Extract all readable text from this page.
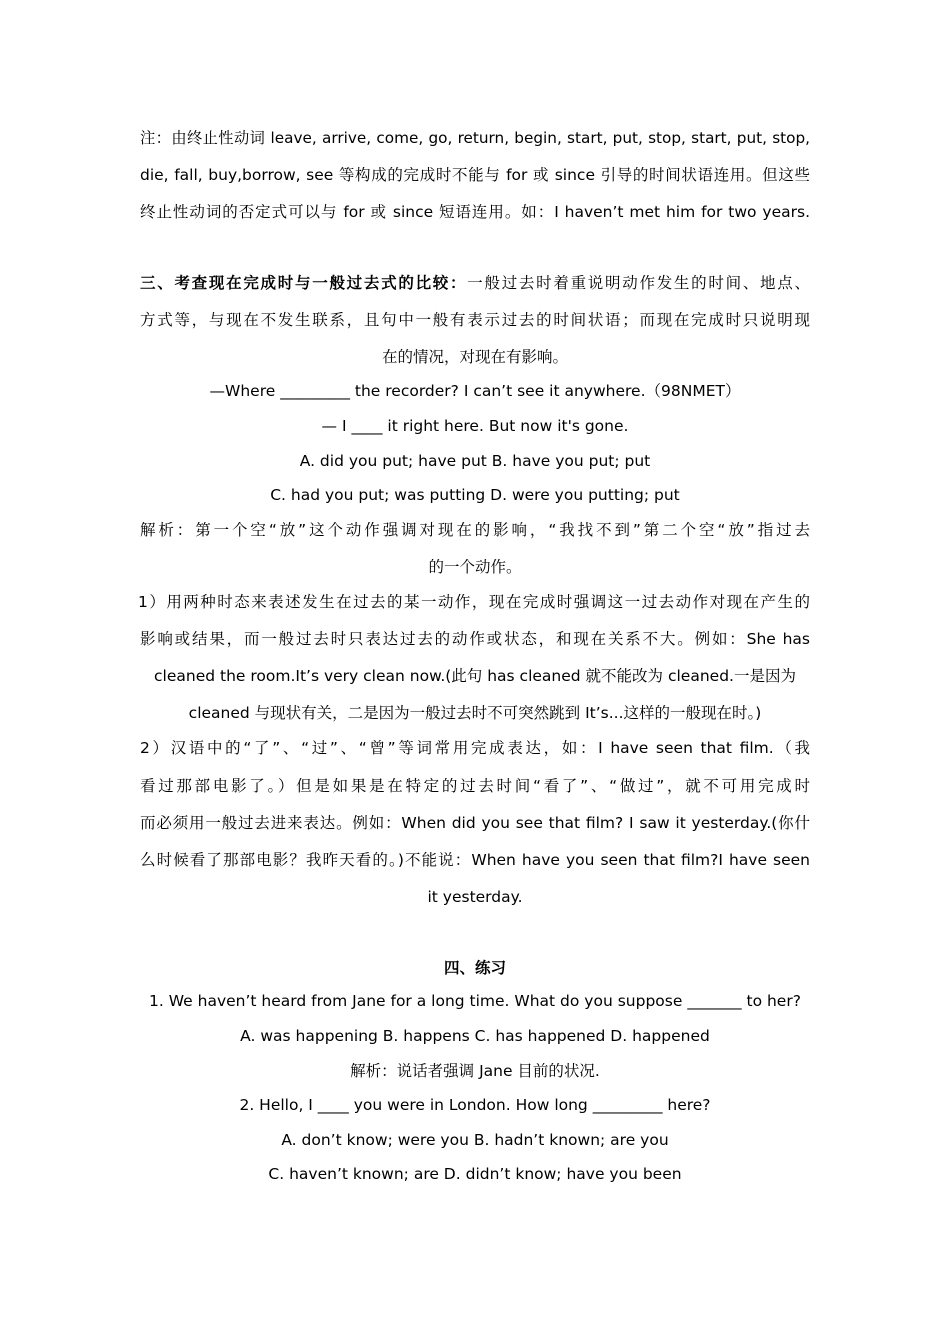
注：由终止性动词 leave, arrive, come, go, return, begin, start, put, stop, start, put, stop,
die, fall, buy,borrow, see 等构成的完成时不能与 for 或 since 引导的时间状语连用。但这些
终止性动词的否定式可以与 for 或 since 短语连用。如：I haven’t met him for two years.
三、考查现在完成时与一般过去式的比较：一般过去时着重说明动作发生的时间、地点、
方式等，与现在不发生联系，且句中一般有表示过去的时间状语；而现在完成时只说明现
在的情况，对现在有影响。
—Where _________ the recorder? I can’t see it anywhere.（98NMET）
— I ____ it right here. But now it's gone.
A. did you put; have put B. have you put; put
C. had you put; was putting D. were you putting; put
解析：第一个空“放”这个动作强调对现在的影响，“我找不到”第二个空“放”指过去
的一个动作。
1）用两种时态来表述发生在过去的某一动作，现在完成时强调这一过去动作对现在产生的
影响或结果，而一般过去时只表达过去的动作或状态，和现在关系不大。例如：She has
cleaned the room.It’s very clean now.(此句 has cleaned 就不能改为 cleaned.一是因为
cleaned 与现状有关，二是因为一般过去时不可突然跳到 It’s...这样的一般现在时。)
2）汉语中的“了”、“过”、“曾”等词常用完成表达，如：I have seen that film.（我
看过那部电影了。）但是如果是在特定的过去时间“看了”、“做过”，就不可用完成时
而必须用一般过去进来表达。例如：When did you see that film? I saw it yesterday.(你什
么时候看了那部电影？我昨天看的。)不能说：When have you seen that film?I have seen
it yesterday.
四、练习
1. We haven’t heard from Jane for a long time. What do you suppose _______ to her?
A. was happening B. happens C. has happened D. happened
解析：说话者强调 Jane 目前的状况.
2. Hello, I ____ you were in London. How long _________ here?
A. don’t know; were you B. hadn’t known; are you
C. haven’t known; are D. didn’t know; have you been
